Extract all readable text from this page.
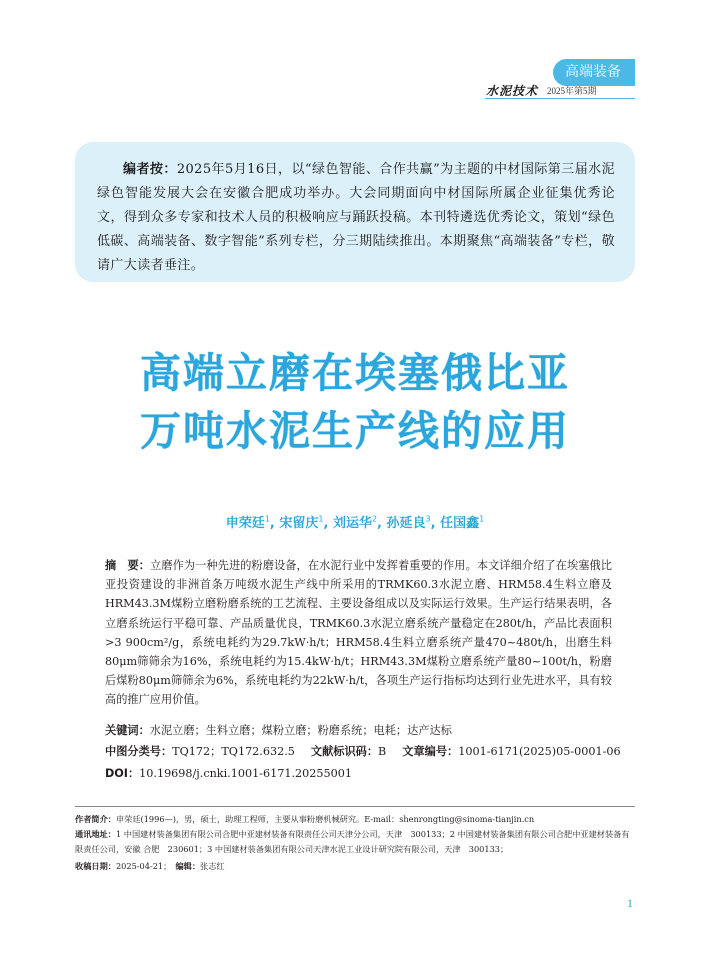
高端装备
水泥技术 2025年第5期

编者按：2025年5月16日，以“绿色智能、合作共赢”为主题的中材国际第三届水泥绿色智能发展大会在安徽合肥成功举办。大会同期面向中材国际所属企业征集优秀论文，得到众多专家和技术人员的积极响应与踊跃投稿。本刊特遴选优秀论文，策划“绿色低碳、高端装备、数字智能”系列专栏，分三期陆续推出。本期聚焦“高端装备”专栏，敬请广大读者垂注。

高端立磨在埃塞俄比亚
万吨水泥生产线的应用
申荣廷$^1$, 宋留庆$^1$, 刘运华$^2$, 孙延良$^3$, 任国鑫$^1$

摘　要：立磨作为一种先进的粉磨设备，在水泥行业中发挥着重要的作用。本文详细介绍了在埃塞俄比亚投资建设的非洲首条万吨级水泥生产线中所采用的TRMK60.3水泥立磨、HRM58.4生料立磨及HRM43.3M煤粉立磨粉磨系统的工艺流程、主要设备组成以及实际运行效果。生产运行结果表明，各立磨系统运行平稳可靠、产品质量优良，TRMK60.3水泥立磨系统产量稳定在280t/h，产品比表面积>3 900cm²/g，系统电耗约为29.7kW·h/t；HRM58.4生料立磨系统产量470~480t/h，出磨生料80μm筛筛余为16%，系统电耗约为15.4kW·h/t；HRM43.3M煤粉立磨系统产量80~100t/h，粉磨后煤粉80μm筛筛余为6%，系统电耗约为22kW·h/t，各项生产运行指标均达到行业先进水平，具有较高的推广应用价值。

关键词：水泥立磨；生料立磨；煤粉立磨；粉磨系统；电耗；达产达标
中图分类号：TQ172；TQ172.632.5 文献标识码：B 文章编号：1001-6171(2025)05-0001-06
DOI：10.19698/j.cnki.1001-6171.20255001

作者简介：申荣廷(1996—)，男，硕士，助理工程师，主要从事粉磨机械研究。E-mail：shenrongting@sinoma-tianjin.cn

通讯地址：1 中国建材装备集团有限公司合肥中亚建材装备有限责任公司天津分公司，天津　300133；2 中国建材装备集团有限公司合肥中亚建材装备有限责任公司，安徽 合肥　230601；3 中国建材装备集团有限公司天津水泥工业设计研究院有限公司，天津　300133；

收稿日期：2025-04-21；　 编辑：张志红

1
